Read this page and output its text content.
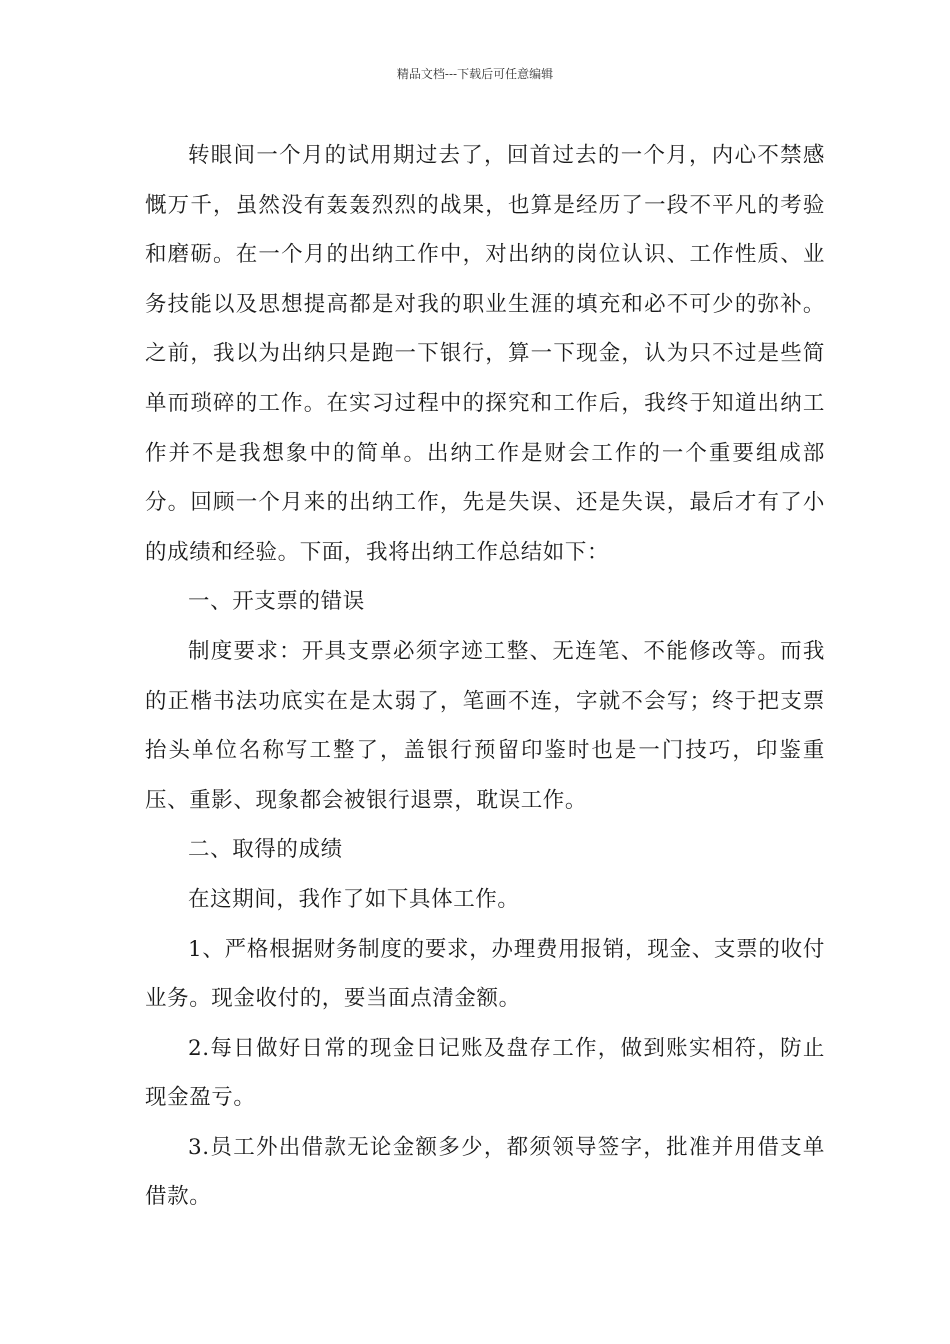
精品文档---下载后可任意编辑

转眼间一个月的试用期过去了，回首过去的一个月，内心不禁感慨万千，虽然没有轰轰烈烈的战果，也算是经历了一段不平凡的考验和磨砺。在一个月的出纳工作中，对出纳的岗位认识、工作性质、业务技能以及思想提高都是对我的职业生涯的填充和必不可少的弥补。之前，我以为出纳只是跑一下银行，算一下现金，认为只不过是些简单而琐碎的工作。在实习过程中的探究和工作后，我终于知道出纳工作并不是我想象中的简单。出纳工作是财会工作的一个重要组成部分。回顾一个月来的出纳工作，先是失误、还是失误，最后才有了小的成绩和经验。下面，我将出纳工作总结如下：

一、开支票的错误

制度要求：开具支票必须字迹工整、无连笔、不能修改等。而我的正楷书法功底实在是太弱了，笔画不连，字就不会写；终于把支票抬头单位名称写工整了，盖银行预留印鉴时也是一门技巧，印鉴重压、重影、现象都会被银行退票，耽误工作。

二、取得的成绩

在这期间，我作了如下具体工作。

1、严格根据财务制度的要求，办理费用报销，现金、支票的收付业务。现金收付的，要当面点清金额。

2.每日做好日常的现金日记账及盘存工作，做到账实相符，防止现金盈亏。

3.员工外出借款无论金额多少，都须领导签字，批准并用借支单借款。
